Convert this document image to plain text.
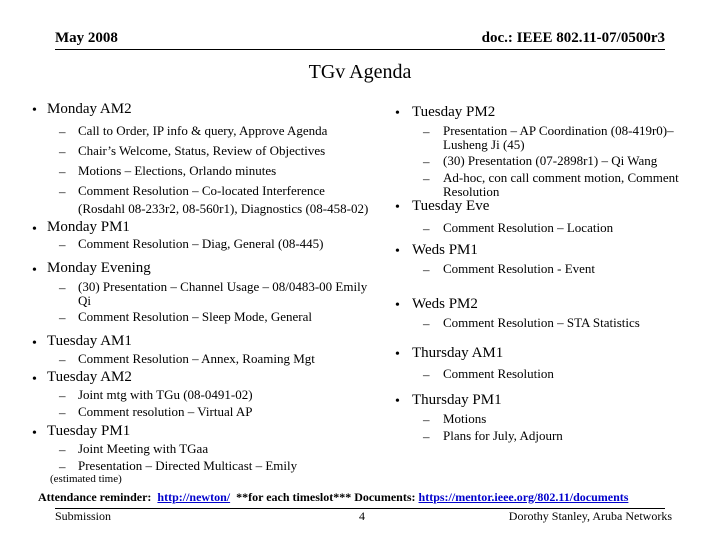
May 2008	doc.: IEEE 802.11-07/0500r3
TGv Agenda
• Monday AM2
– Call to Order, IP info & query, Approve Agenda
– Chair’s Welcome, Status, Review of Objectives
– Motions – Elections, Orlando minutes
– Comment Resolution – Co-located Interference
(Rosdahl 08-233r2, 08-560r1), Diagnostics (08-458-02)
• Monday PM1
– Comment Resolution – Diag, General (08-445)
• Monday Evening
– (30) Presentation – Channel Usage – 08/0483-00 Emily
Qi
– Comment Resolution – Sleep Mode, General
• Tuesday AM1
– Comment Resolution – Annex, Roaming Mgt
• Tuesday AM2
– Joint mtg with TGu (08-0491-02)
– Comment resolution – Virtual AP
• Tuesday PM1
– Joint Meeting with TGaa
– Presentation – Directed Multicast – Emily
• Tuesday PM2
– Presentation – AP Coordination (08-419r0)–
Lusheng Ji (45)
– (30) Presentation (07-2898r1) – Qi Wang
– Ad-hoc, con call comment motion, Comment
Resolution
• Tuesday Eve
– Comment Resolution – Location
• Weds PM1
– Comment Resolution - Event
• Weds PM2
– Comment Resolution – STA Statistics
• Thursday AM1
– Comment Resolution
• Thursday PM1
– Motions
– Plans for July, Adjourn
(estimated time)
Attendance reminder: http://newton/ **for each timeslot*** Documents: https://mentor.ieee.org/802.11/documents
Submission	4	Dorothy Stanley, Aruba Networks
